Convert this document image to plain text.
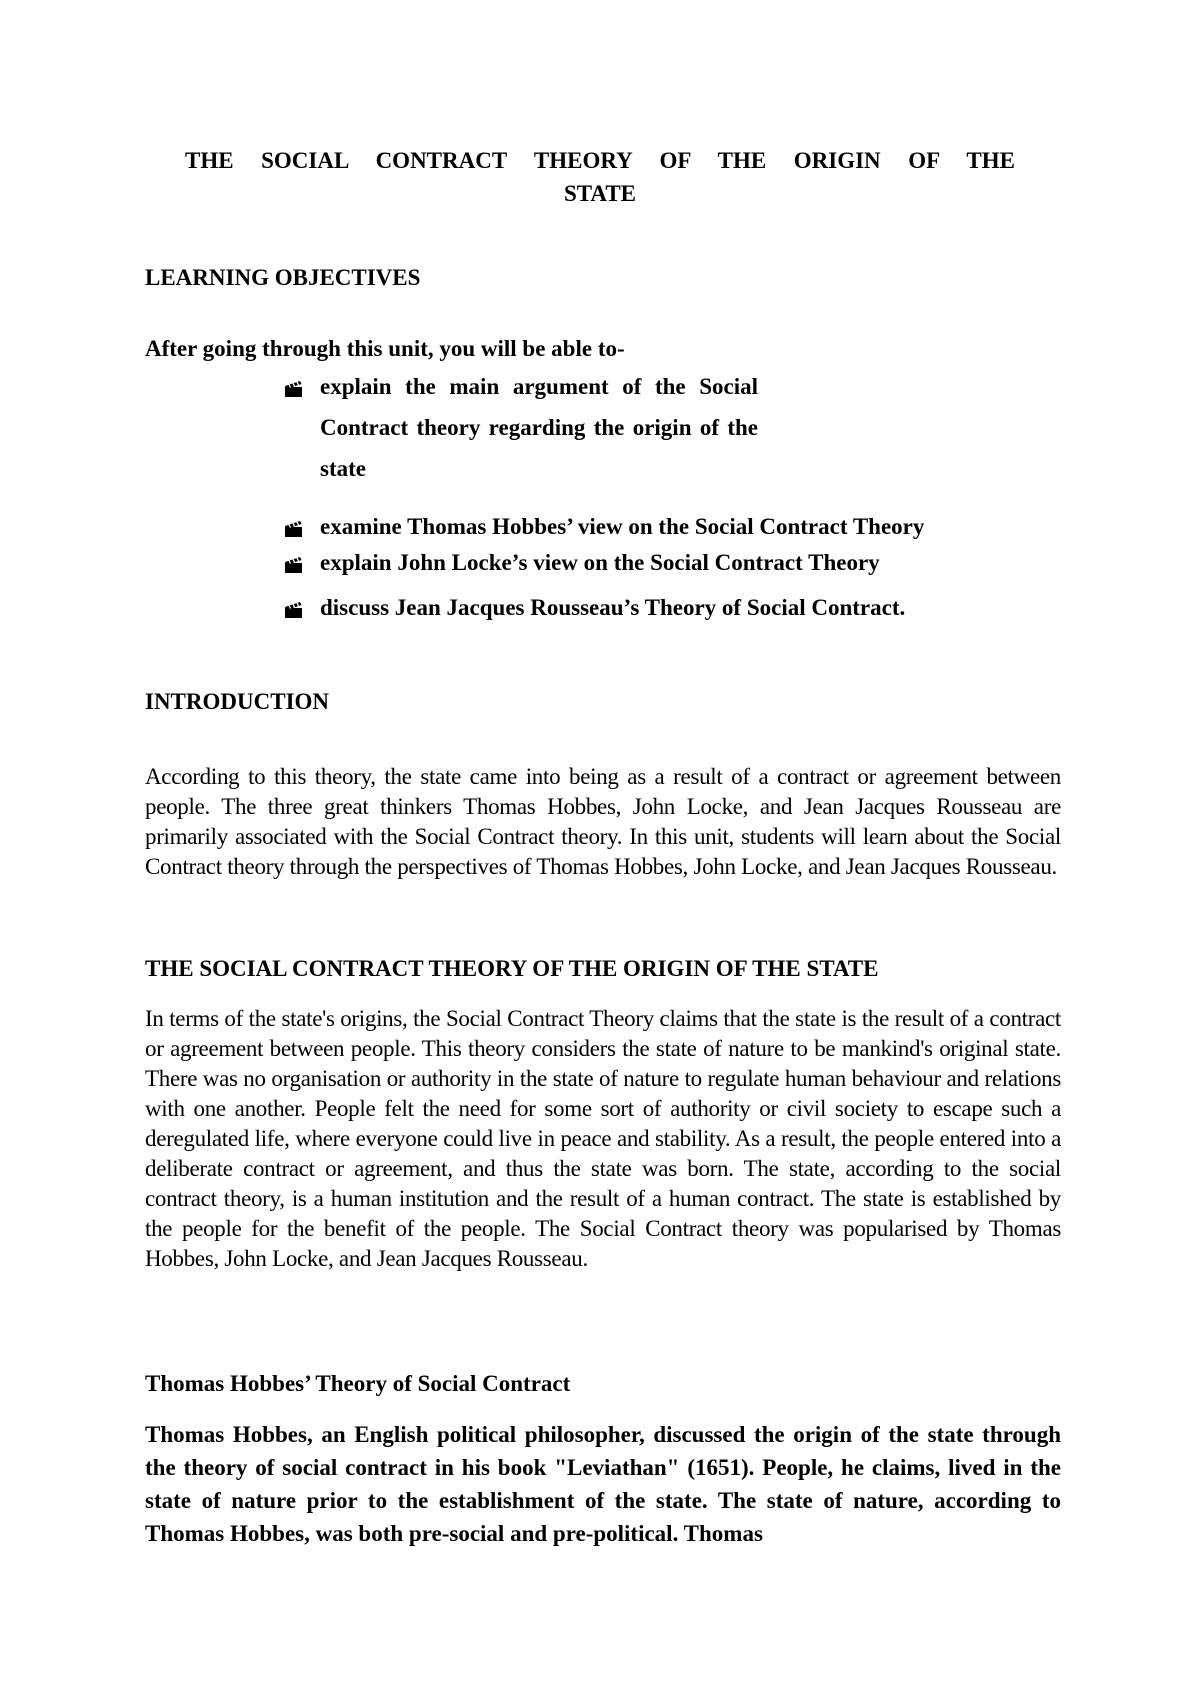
THE SOCIAL CONTRACT THEORY OF THE ORIGIN OF THE
STATE
LEARNING OBJECTIVES

After going through this unit, you will be able to-

explain the main argument of the Social Contract theory regarding the origin of the state
examine Thomas Hobbes’ view on the Social Contract Theory
explain John Locke’s view on the Social Contract Theory
discuss Jean Jacques Rousseau’s Theory of Social Contract.
INTRODUCTION

According to this theory, the state came into being as a result of a contract or agreement between people. The three great thinkers Thomas Hobbes, John Locke, and Jean Jacques Rousseau are primarily associated with the Social Contract theory. In this unit, students will learn about the Social Contract theory through the perspectives of Thomas Hobbes, John Locke, and Jean Jacques Rousseau.

THE SOCIAL CONTRACT THEORY OF THE ORIGIN OF THE STATE

In terms of the state's origins, the Social Contract Theory claims that the state is the result of a contract or agreement between people. This theory considers the state of nature to be mankind's original state. There was no organisation or authority in the state of nature to regulate human behaviour and relations with one another. People felt the need for some sort of authority or civil society to escape such a deregulated life, where everyone could live in peace and stability. As a result, the people entered into a deliberate contract or agreement, and thus the state was born. The state, according to the social contract theory, is a human institution and the result of a human contract. The state is established by the people for the benefit of the people. The Social Contract theory was popularised by Thomas Hobbes, John Locke, and Jean Jacques Rousseau.

Thomas Hobbes’ Theory of Social Contract

Thomas Hobbes, an English political philosopher, discussed the origin of the state through the theory of social contract in his book "Leviathan" (1651). People, he claims, lived in the state of nature prior to the establishment of the state. The state of nature, according to Thomas Hobbes, was both pre-social and pre-political. Thomas
